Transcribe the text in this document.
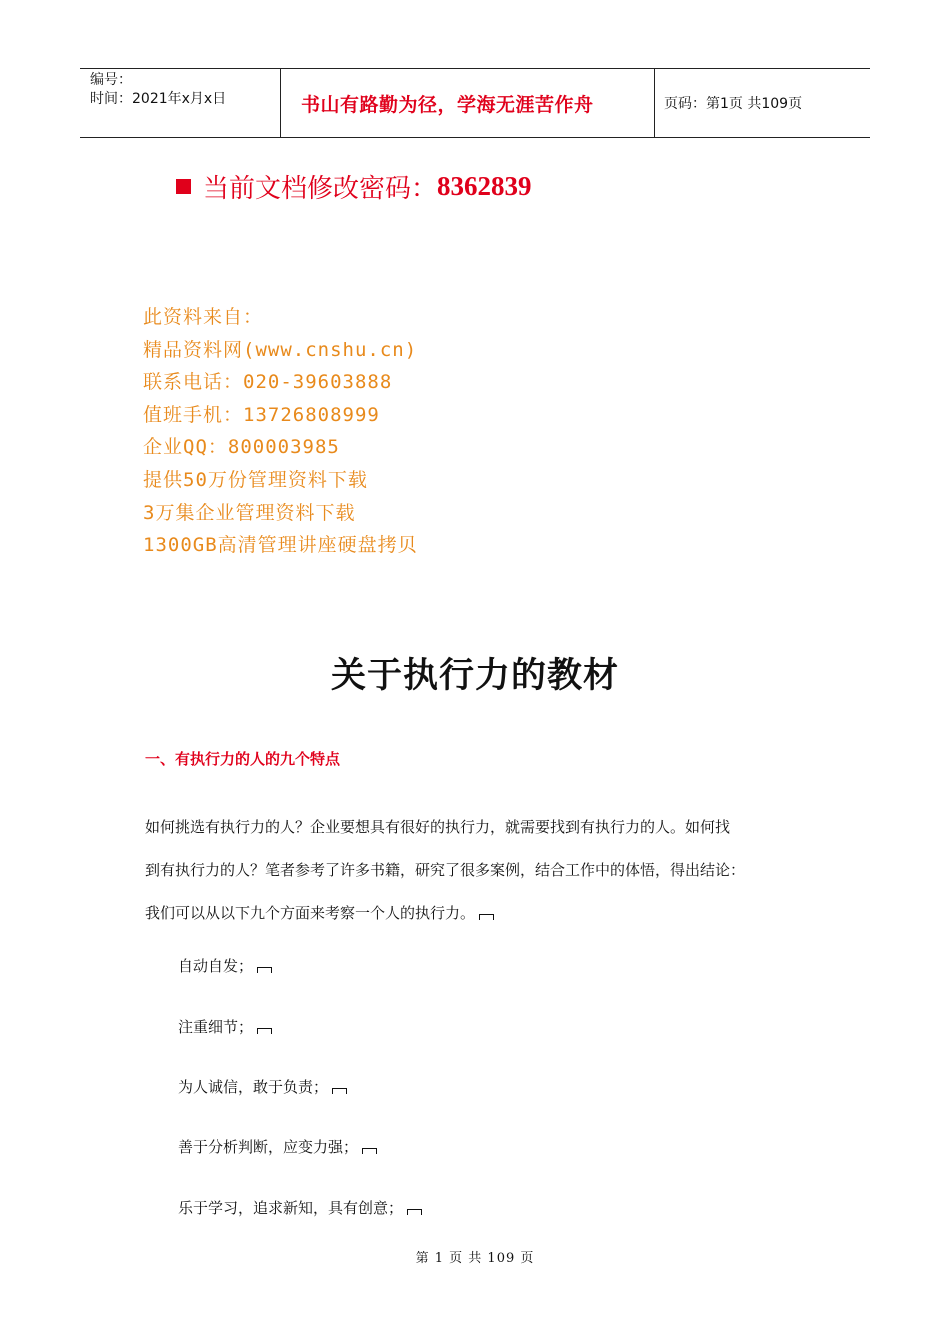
编号：
时间：2021年x月x日	书山有路勤为径，学海无涯苦作舟	页码：第1页 共109页
当前文档修改密码： 8362839
此资料来自：
精品资料网(www.cnshu.cn)
联系电话：020-39603888
值班手机：13726808999
企业QQ：800003985
提供50万份管理资料下载
3万集企业管理资料下载
1300GB高清管理讲座硬盘拷贝
关于执行力的教材
一、有执行力的人的九个特点
如何挑选有执行力的人？企业要想具有很好的执行力，就需要找到有执行力的人。如何找
到有执行力的人？笔者参考了许多书籍，研究了很多案例，结合工作中的体悟，得出结论：
我们可以从以下九个方面来考察一个人的执行力。
自动自发；
注重细节；
为人诚信，敢于负责；
善于分析判断，应变力强；
乐于学习，追求新知，具有创意；
第 1 页 共 109 页
